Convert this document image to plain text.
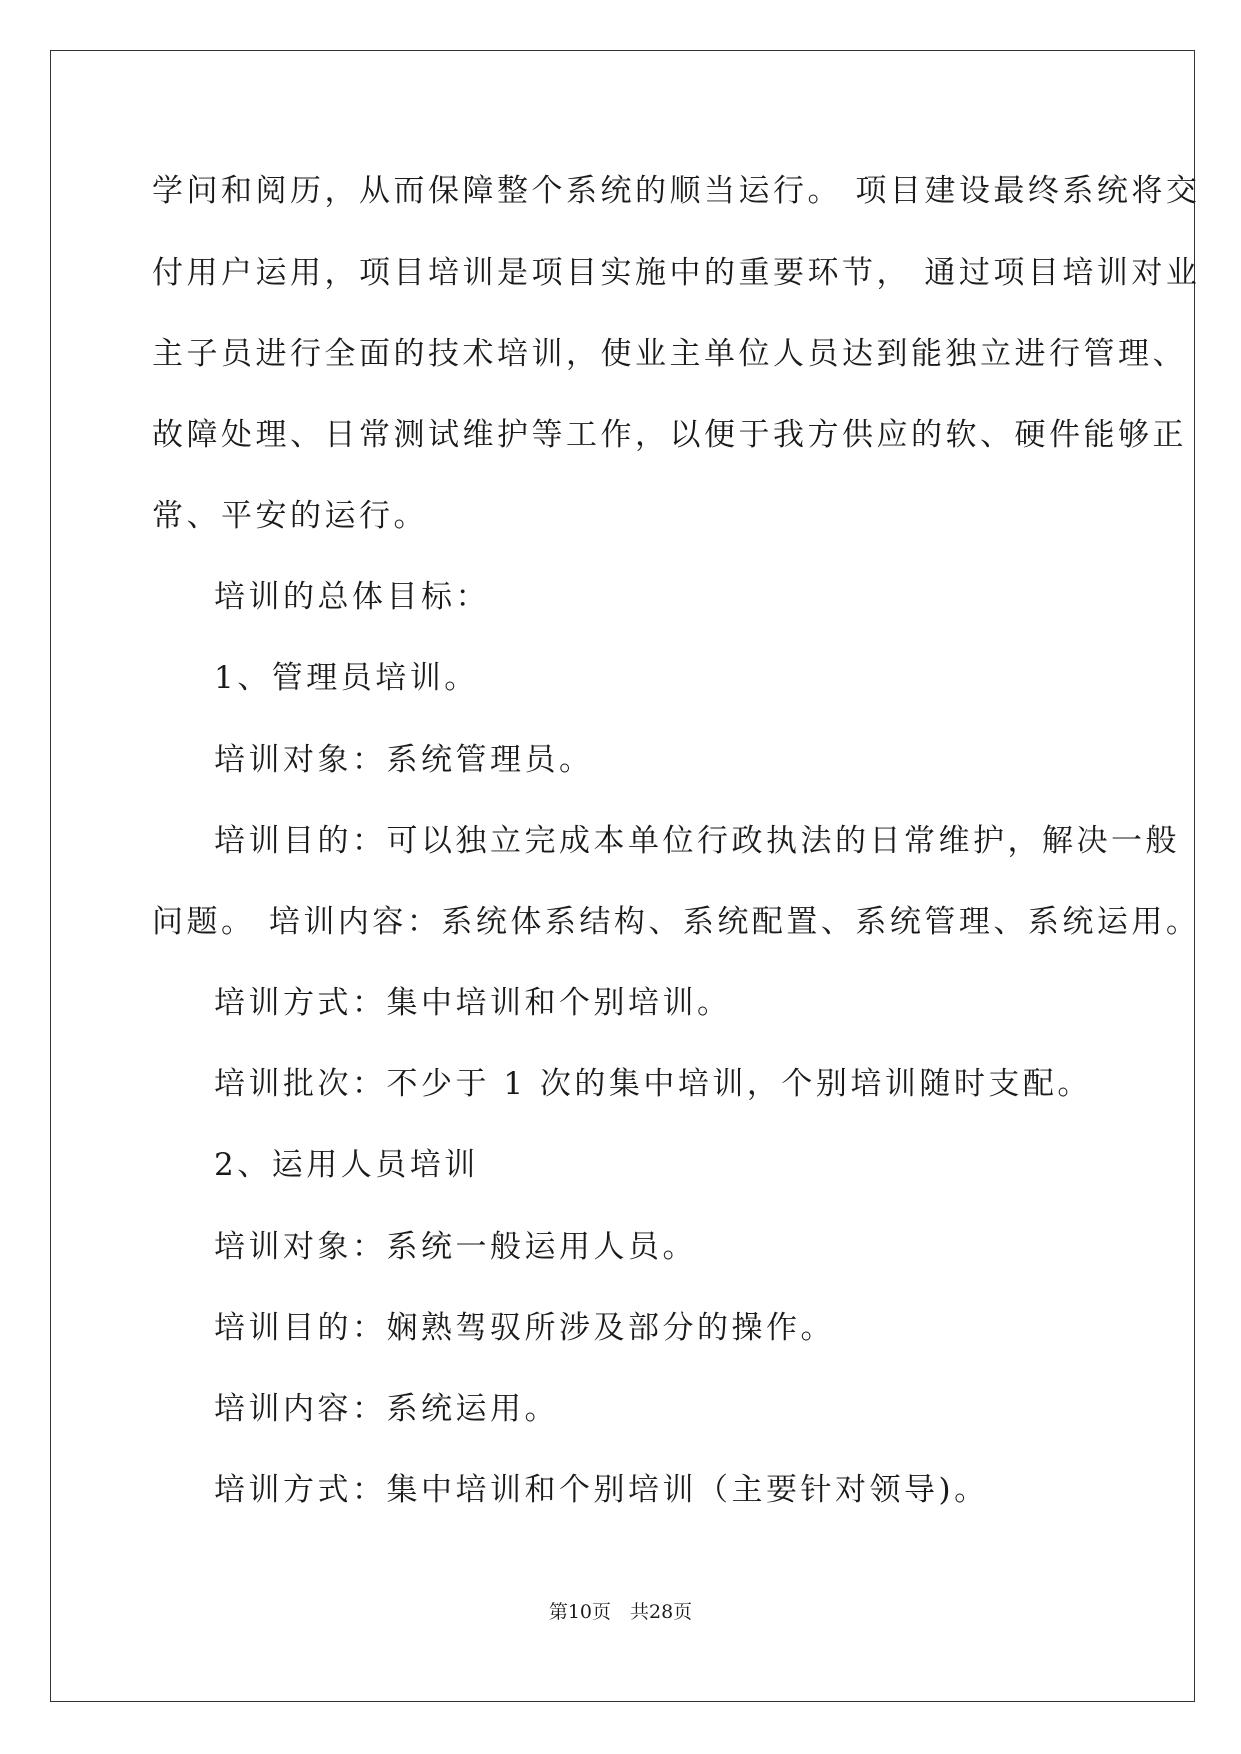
学问和阅历，从而保障整个系统的顺当运行。 项目建设最终系统将交
付用户运用，项目培训是项目实施中的重要环节， 通过项目培训对业
主子员进行全面的技术培训，使业主单位人员达到能独立进行管理、
故障处理、日常测试维护等工作，以便于我方供应的软、硬件能够正
常、平安的运行。
培训的总体目标：
1、管理员培训。
培训对象：系统管理员。
培训目的：可以独立完成本单位行政执法的日常维护，解决一般
问题。 培训内容：系统体系结构、系统配置、系统管理、系统运用。
培训方式：集中培训和个别培训。
培训批次：不少于 1 次的集中培训，个别培训随时支配。
2、运用人员培训
培训对象：系统一般运用人员。
培训目的：娴熟驾驭所涉及部分的操作。
培训内容：系统运用。
培训方式：集中培训和个别培训（主要针对领导)。
第10页　共28页
